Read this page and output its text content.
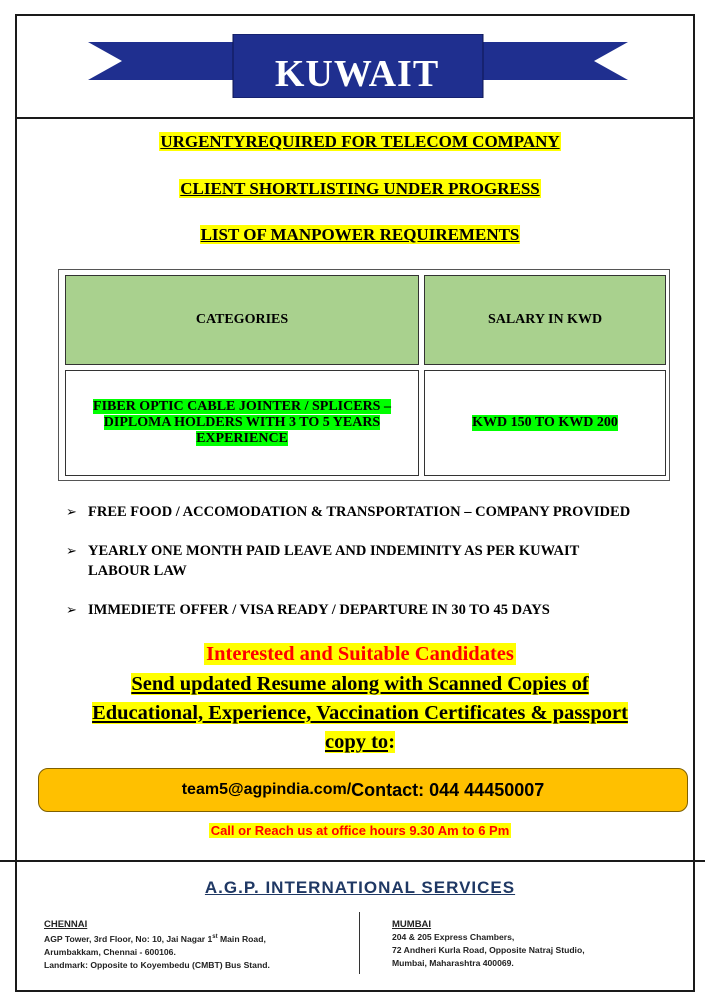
KUWAIT
URGENTYREQUIRED FOR TELECOM COMPANY
CLIENT SHORTLISTING UNDER PROGRESS
LIST OF MANPOWER REQUIREMENTS
CATEGORIES	SALARY IN KWD
FIBER OPTIC CABLE JOINTER / SPLICERS –
DIPLOMA HOLDERS WITH 3 TO 5 YEARS
EXPERIENCE
KWD 150 TO KWD 200
➢ FREE FOOD / ACCOMODATION & TRANSPORTATION – COMPANY PROVIDED
➢ YEARLY ONE MONTH PAID LEAVE AND INDEMINITY AS PER KUWAIT
LABOUR LAW
➢ IMMEDIETE OFFER / VISA READY / DEPARTURE IN 30 TO 45 DAYS
Interested and Suitable Candidates
Send updated Resume along with Scanned Copies of
Educational, Experience, Vaccination Certificates & passport
copy to:
team5@agpindia.com/ Contact: 044 44450007
Call or Reach us at office hours 9.30 Am to 6 Pm
A.G.P. INTERNATIONAL SERVICES
CHENNAI
AGP Tower, 3rd Floor, No: 10, Jai Nagar 1st Main Road,
Arumbakkam, Chennai - 600106.
Landmark: Opposite to Koyembedu (CMBT) Bus Stand.
MUMBAI
204 & 205 Express Chambers,
72 Andheri Kurla Road, Opposite Natraj Studio,
Mumbai, Maharashtra 400069.
